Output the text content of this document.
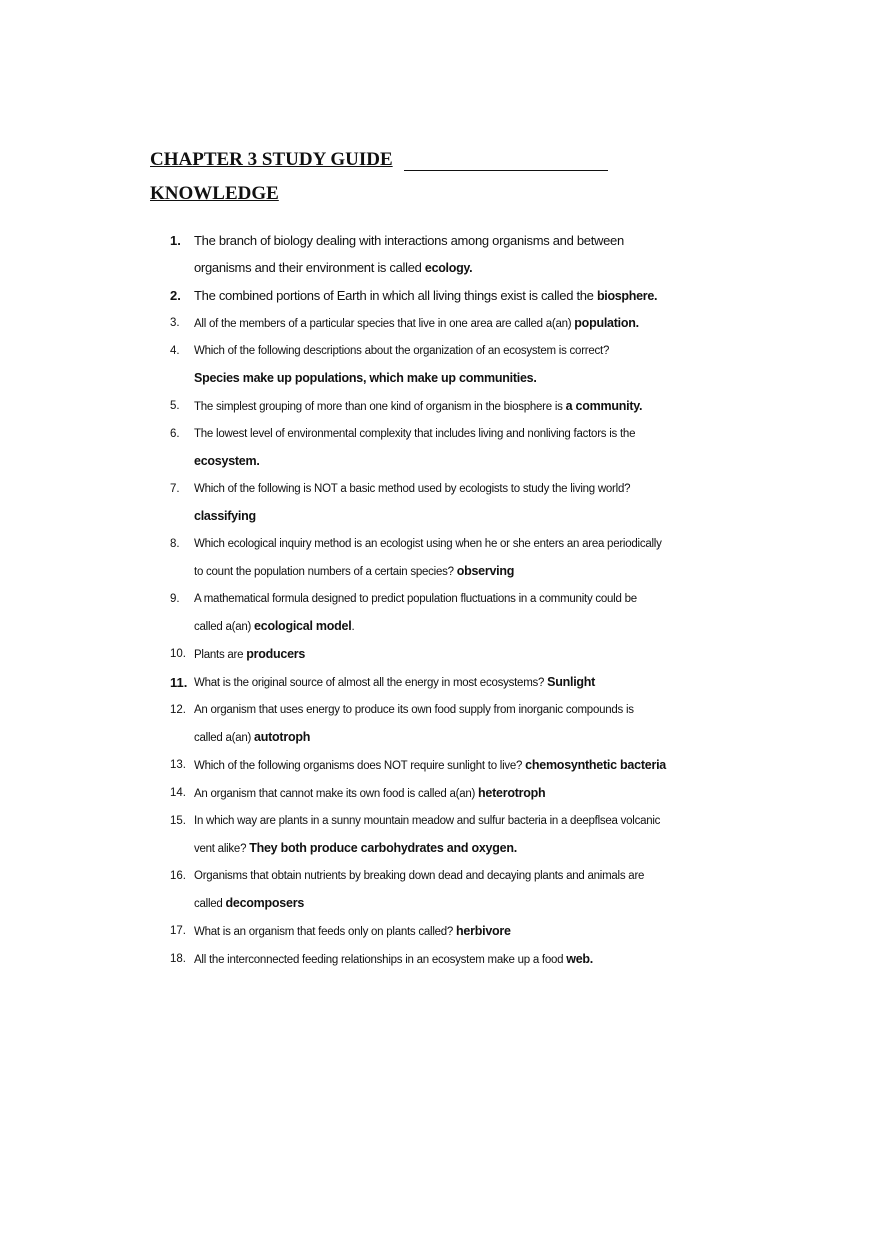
CHAPTER 3 STUDY GUIDE
KNOWLEDGE
1.	The branch of biology dealing with interactions among organisms and between
organisms and their environment is called ecology.
2.	The combined portions of Earth in which all living things exist is called the biosphere.
3.	All of the members of a particular species that live in one area are called a(an) population.
4.	Which of the following descriptions about the organization of an ecosystem is correct?
Species make up populations, which make up communities.
5.	The simplest grouping of more than one kind of organism in the biosphere is a community.
6.	The lowest level of environmental complexity that includes living and nonliving factors is the
ecosystem.
7.	Which of the following is NOT a basic method used by ecologists to study the living world?
classifying
8.	Which ecological inquiry method is an ecologist using when he or she enters an area periodically
to count the population numbers of a certain species? observing
9.	A mathematical formula designed to predict population fluctuations in a community could be
called a(an) ecological model.
10. Plants are producers
11. What is the original source of almost all the energy in most ecosystems? Sunlight
12. An organism that uses energy to produce its own food supply from inorganic compounds is
called a(an) autotroph
13. Which of the following organisms does NOT require sunlight to live? chemosynthetic bacteria
14. An organism that cannot make its own food is called a(an) heterotroph
15. In which way are plants in a sunny mountain meadow and sulfur bacteria in a deepflsea volcanic
vent alike? They both produce carbohydrates and oxygen.
16. Organisms that obtain nutrients by breaking down dead and decaying plants and animals are
called decomposers
17. What is an organism that feeds only on plants called? herbivore
18. All the interconnected feeding relationships in an ecosystem make up a food web.
